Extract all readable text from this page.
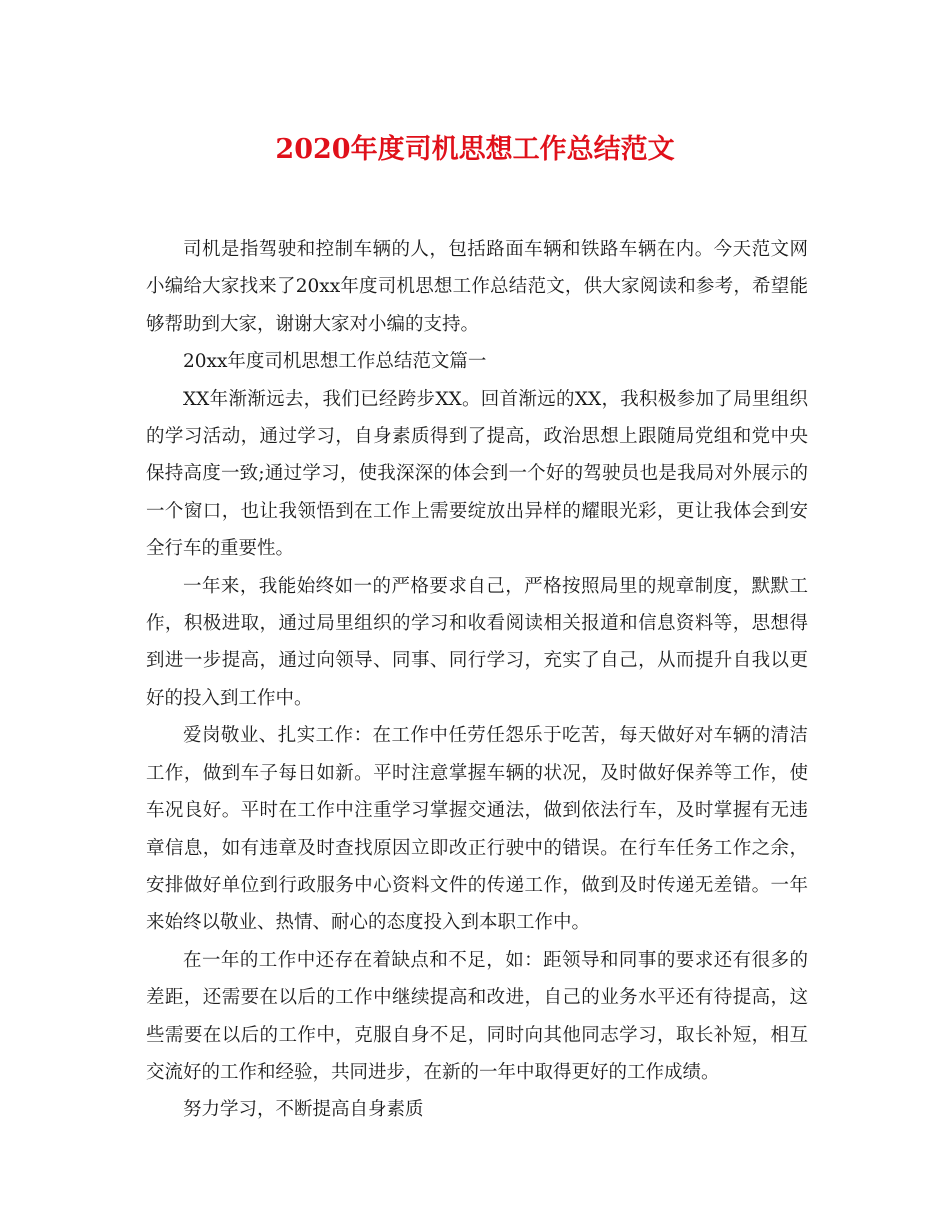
2020年度司机思想工作总结范文

司机是指驾驶和控制车辆的人，包括路面车辆和铁路车辆在内。今天范文网小编给大家找来了20xx年度司机思想工作总结范文，供大家阅读和参考，希望能够帮助到大家，谢谢大家对小编的支持。

20xx年度司机思想工作总结范文篇一

XX年渐渐远去，我们已经跨步XX。回首渐远的XX，我积极参加了局里组织的学习活动，通过学习，自身素质得到了提高，政治思想上跟随局党组和党中央保持高度一致;通过学习，使我深深的体会到一个好的驾驶员也是我局对外展示的一个窗口，也让我领悟到在工作上需要绽放出异样的耀眼光彩，更让我体会到安全行车的重要性。

一年来，我能始终如一的严格要求自己，严格按照局里的规章制度，默默工作，积极进取，通过局里组织的学习和收看阅读相关报道和信息资料等，思想得到进一步提高，通过向领导、同事、同行学习，充实了自己，从而提升自我以更好的投入到工作中。

爱岗敬业、扎实工作：在工作中任劳任怨乐于吃苦，每天做好对车辆的清洁工作，做到车子每日如新。平时注意掌握车辆的状况，及时做好保养等工作，使车况良好。平时在工作中注重学习掌握交通法，做到依法行车，及时掌握有无违章信息，如有违章及时查找原因立即改正行驶中的错误。在行车任务工作之余，安排做好单位到行政服务中心资料文件的传递工作，做到及时传递无差错。一年来始终以敬业、热情、耐心的态度投入到本职工作中。

在一年的工作中还存在着缺点和不足，如：距领导和同事的要求还有很多的差距，还需要在以后的工作中继续提高和改进，自己的业务水平还有待提高，这些需要在以后的工作中，克服自身不足，同时向其他同志学习，取长补短，相互交流好的工作和经验，共同进步，在新的一年中取得更好的工作成绩。

努力学习，不断提高自身素质
